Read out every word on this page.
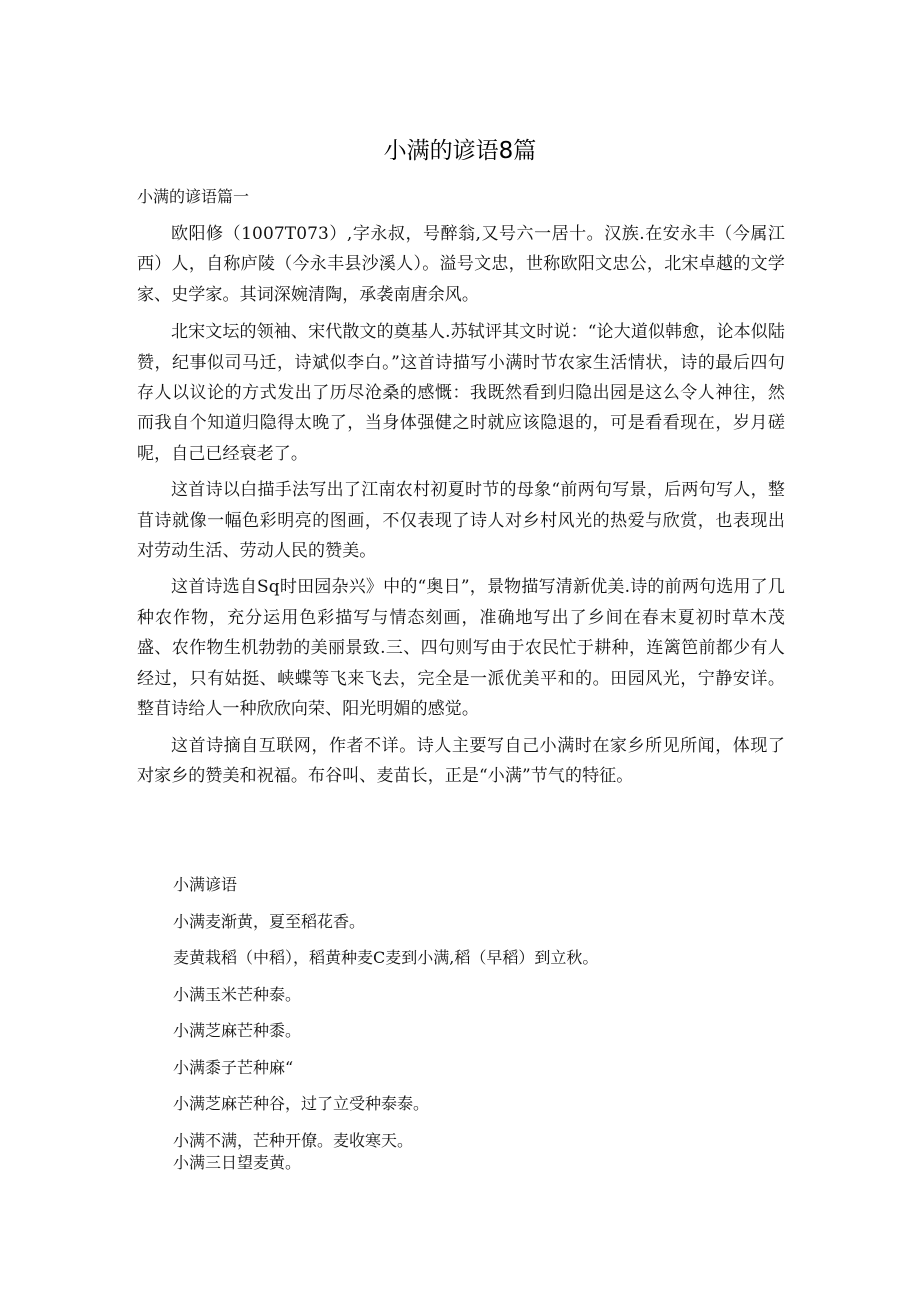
小满的谚语8篇
小满的谚语篇一

欧阳修（1007T073）,字永叔，号醉翁,又号六一居十。汉族.在安永丰（今属江西）人，自称庐陵（今永丰县沙溪人）。溢号文忠，世称欧阳文忠公，北宋卓越的文学家、史学家。其词深婉清陶，承袭南唐余风。

北宋文坛的领袖、宋代散文的奠基人.苏轼评其文时说：“论大道似韩愈，论本似陆赞，纪事似司马迁，诗斌似李白。”这首诗描写小满时节农家生活情状，诗的最后四句存人以议论的方式发出了历尽沧桑的感慨：我既然看到归隐出园是这么令人神往，然而我自个知道归隐得太晚了，当身体强健之时就应该隐退的，可是看看现在，岁月磋呢，自己已经衰老了。

这首诗以白描手法写出了江南农村初夏时节的母象“前两句写景，后两句写人，整苜诗就像一幅色彩明亮的图画，不仅表现了诗人对乡村风光的热爱与欣赏，也表现出对劳动生活、劳动人民的赞美。

这首诗选自Sq时田园杂兴》中的“奥日”，景物描写清新优美.诗的前两句选用了几种农作物，充分运用色彩描写与情态刻画，准确地写出了乡间在春末夏初时草木茂盛、农作物生机勃勃的美丽景致.三、四句则写由于农民忙于耕种，连篱笆前都少有人经过，只有姑挺、峡蝶等飞来飞去，完全是一派优美平和的。田园风光，宁静安详。整苜诗给人一种欣欣向荣、阳光明媚的感觉。

这首诗摘自互联网，作者不详。诗人主要写自己小满时在家乡所见所闻，体现了对家乡的赞美和祝福。布谷叫、麦苗长，正是“小满”节气的特征。

小满谚语
小满麦渐黄，夏至稻花香。
麦黄栽稻（中稻），稻黄种麦C麦到小满,稻（早稻）到立秋。
小满玉米芒种泰。
小满芝麻芒种黍。
小满黍子芒种麻“
小满芝麻芒种谷，过了立受种泰泰。
小满不满，芒种开僚。麦收寒天。
小满三日望麦黄。
